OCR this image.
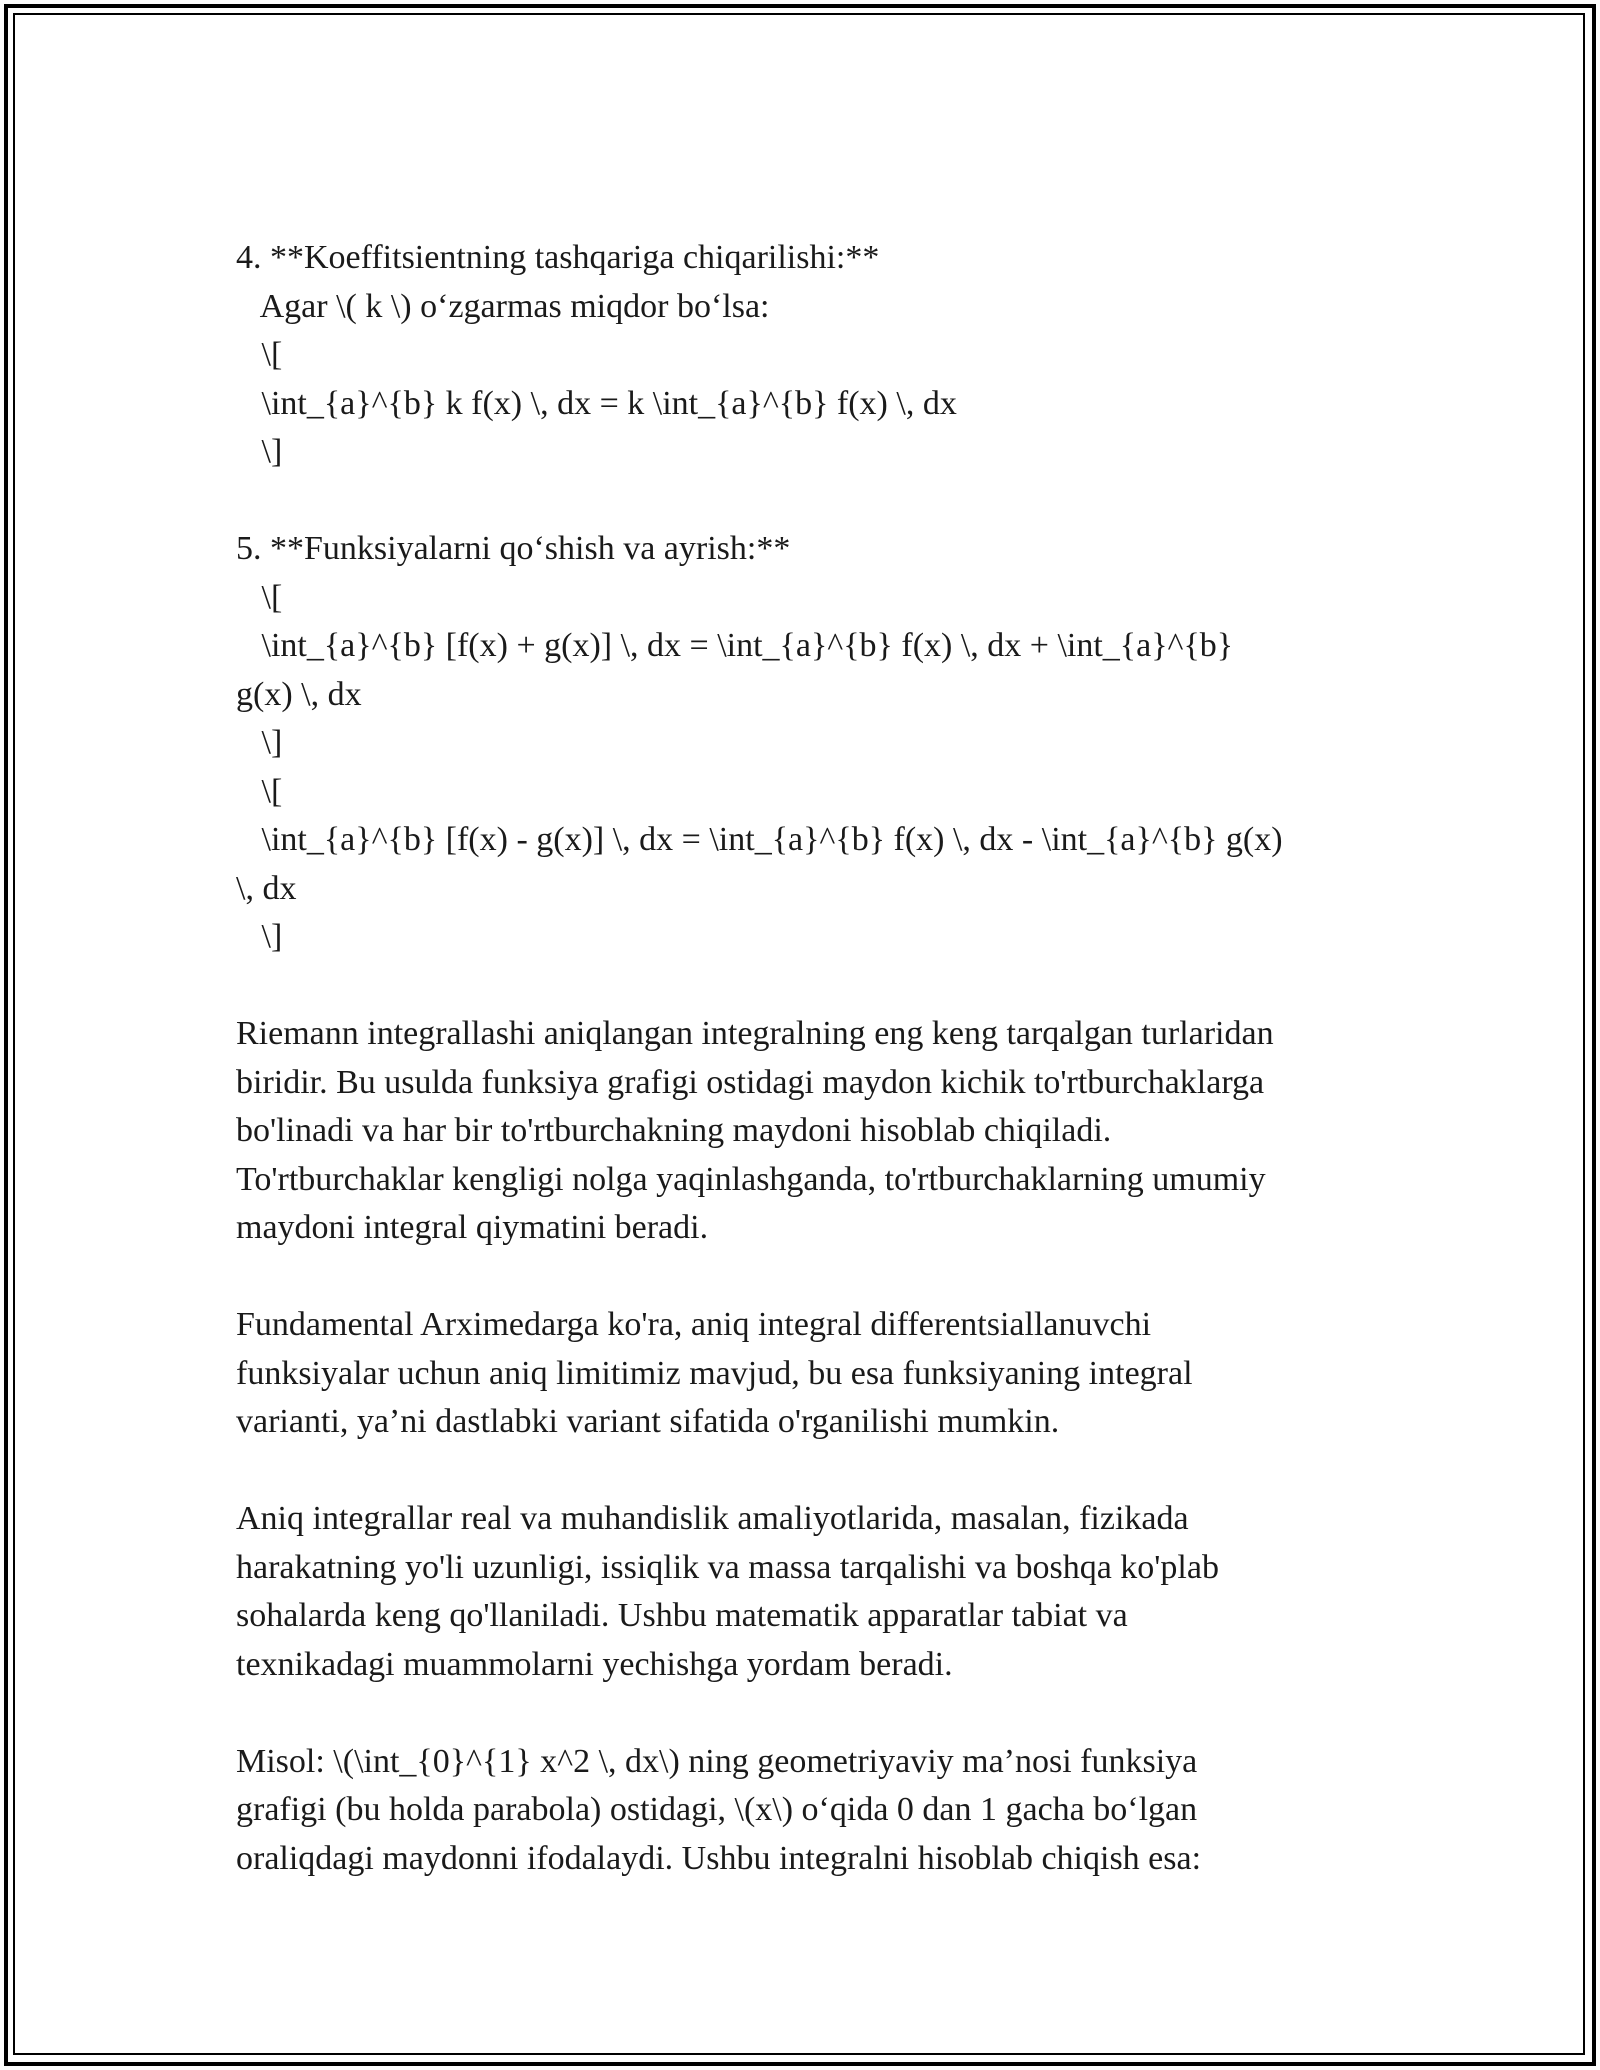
4. **Koeffitsientning tashqariga chiqarilishi:**
Agar \( k \) o‘zgarmas miqdor bo‘lsa:
\[
\int_{a}^{b} k f(x) \, dx = k \int_{a}^{b} f(x) \, dx
\]
5. **Funksiyalarni qo‘shish va ayrish:**
\[
\int_{a}^{b} [f(x) + g(x)] \, dx = \int_{a}^{b} f(x) \, dx + \int_{a}^{b}
g(x) \, dx
\]
\[
\int_{a}^{b} [f(x) - g(x)] \, dx = \int_{a}^{b} f(x) \, dx - \int_{a}^{b} g(x)
\, dx
\]
Riemann integrallashi aniqlangan integralning eng keng tarqalgan turlaridan
biridir. Bu usulda funksiya grafigi ostidagi maydon kichik to'rtburchaklarga
bo'linadi va har bir to'rtburchakning maydoni hisoblab chiqiladi.
To'rtburchaklar kengligi nolga yaqinlashganda, to'rtburchaklarning umumiy
maydoni integral qiymatini beradi.
Fundamental Arximedarga ko'ra, aniq integral differentsiallanuvchi
funksiyalar uchun aniq limitimiz mavjud, bu esa funksiyaning integral
varianti, ya’ni dastlabki variant sifatida o'rganilishi mumkin.
Aniq integrallar real va muhandislik amaliyotlarida, masalan, fizikada
harakatning yo'li uzunligi, issiqlik va massa tarqalishi va boshqa ko'plab
sohalarda keng qo'llaniladi. Ushbu matematik apparatlar tabiat va
texnikadagi muammolarni yechishga yordam beradi.
Misol: \(\int_{0}^{1} x^2 \, dx\) ning geometriyaviy ma’nosi funksiya
grafigi (bu holda parabola) ostidagi, \(x\) o‘qida 0 dan 1 gacha bo‘lgan
oraliqdagi maydonni ifodalaydi. Ushbu integralni hisoblab chiqish esa:
